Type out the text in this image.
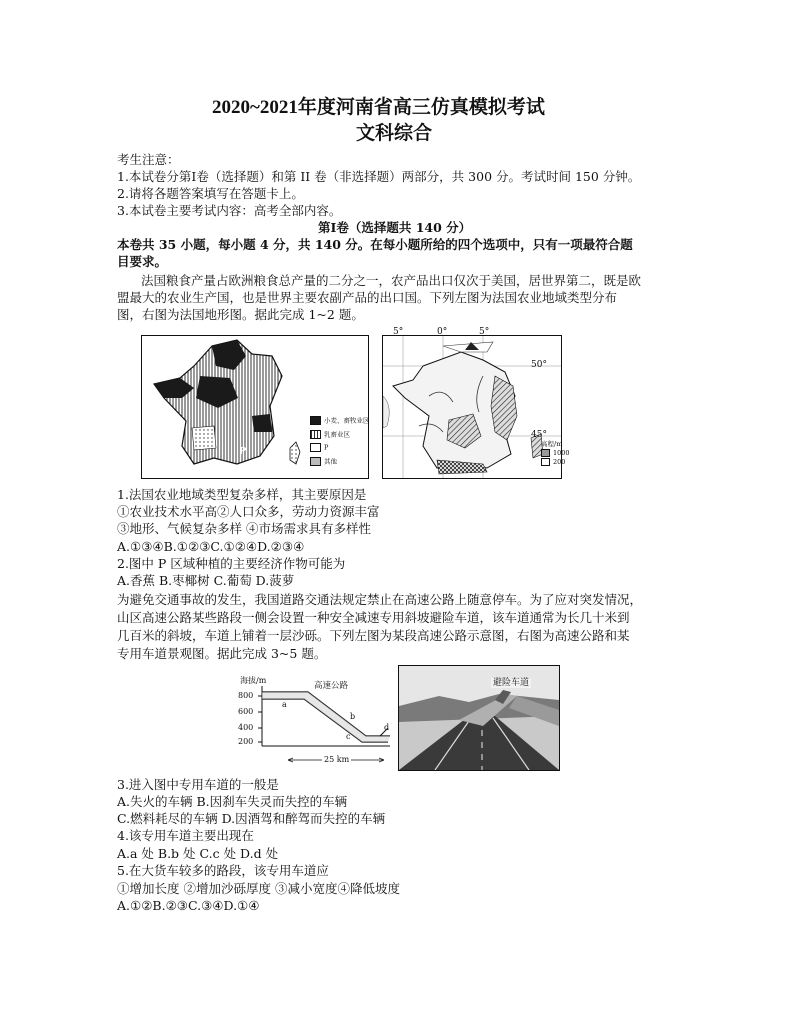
2020~2021年度河南省高三仿真模拟考试
文科综合
考生注意：
1.本试卷分第Ⅰ卷（选择题）和第 II 卷（非选择题）两部分，共 300 分。考试时间 150 分钟。
2.请将各题答案填写在答题卡上。
3.本试卷主要考试内容：高考全部内容。
第Ⅰ卷（选择题共 140 分）
本卷共 35 小题，每小题 4 分，共 140 分。在每小题所给的四个选项中，只有一项最符合题
目要求。
法国粮食产量占欧洲粮食总产量的二分之一，农产品出口仅次于美国，居世界第二，既是欧
盟最大的农业生产国，也是世界主要农副产品的出口国。下列左图为法国农业地域类型分布
图，右图为法国地形图。据此完成 1~2 题。
P
小麦、畜牧业区
乳畜业区
P
其他
5°	0°	5°
50°
45°
高程/m
1000
200
1.法国农业地域类型复杂多样，其主要原因是
①农业技术水平高②人口众多，劳动力资源丰富
③地形、气候复杂多样 ④市场需求具有多样性
A.①③④B.①②③C.①②④D.②③④
2.图中 P 区域种植的主要经济作物可能为
A.香蕉 B.枣椰树 C.葡萄 D.菠萝
为避免交通事故的发生，我国道路交通法规定禁止在高速公路上随意停车。为了应对突发情况，
山区高速公路某些路段一侧会设置一种安全减速专用斜坡避险车道，该车道通常为长几十米到
几百米的斜坡，车道上铺着一层沙砾。下列左图为某段高速公路示意图，右图为高速公路和某
专用车道景观图。据此完成 3~5 题。
海拔/m
800
600
400
200
高速公路
a
b
c
d
25 km
避险车道
3.进入图中专用车道的一般是
A.失火的车辆 B.因刹车失灵而失控的车辆
C.燃料耗尽的车辆 D.因酒驾和醉驾而失控的车辆
4.该专用车道主要出现在
A.a 处 B.b 处 C.c 处 D.d 处
5.在大货车较多的路段，该专用车道应
①增加长度 ②增加沙砾厚度 ③减小宽度④降低坡度
A.①②B.②③C.③④D.①④
